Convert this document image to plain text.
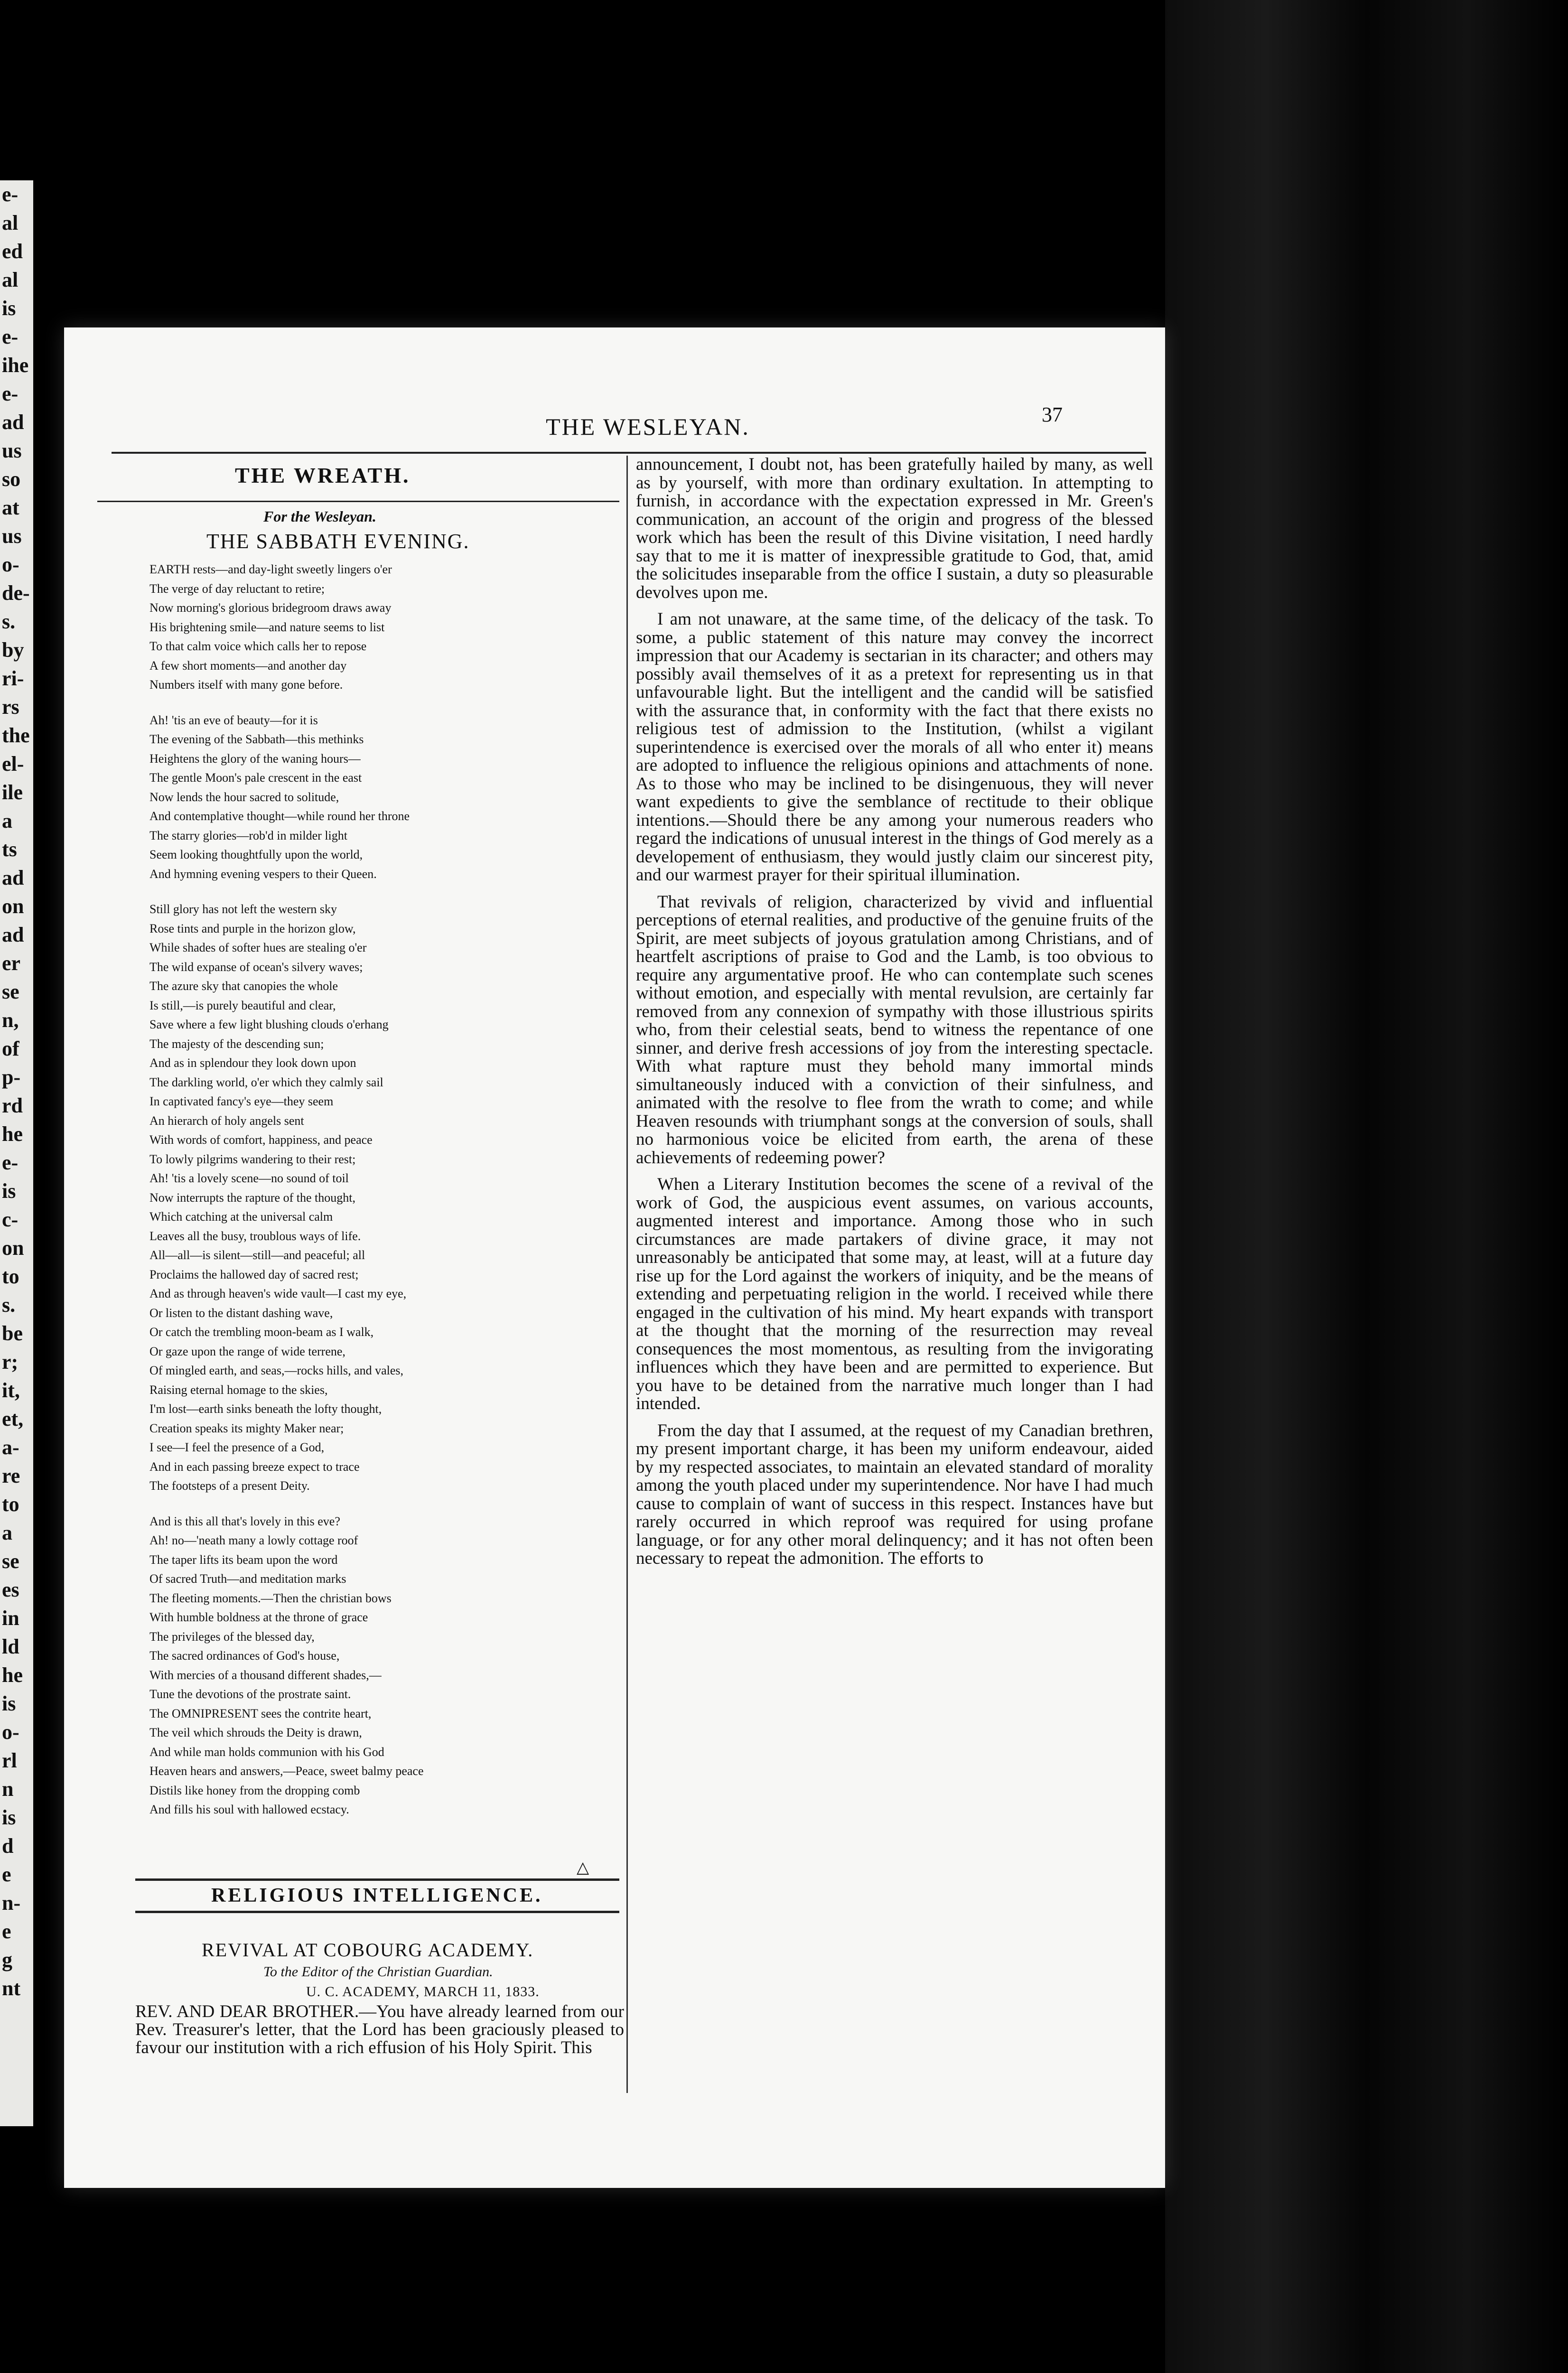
e-
al
ed
al
is
e-
ihe
e-
ad
us
so
at
us
o-
de-
s.
by
ri-
rs
the
el-
ile
a
ts
ad
on
ad
er
se
n,
of
p-
rd
he
e-
is
c-
on
to
s.
be
r;
it,
et,
a-
re
to
a
se
es
in
ld
he
is
o-
rl
n
is
d
e
n-
e
g
nt
THE WESLEYAN.	37
THE WREATH.
For the Wesleyan.
THE SABBATH EVENING.
EARTH rests—and day-light sweetly lingers o'er
The verge of day reluctant to retire;
Now morning's glorious bridegroom draws away
His brightening smile—and nature seems to list
To that calm voice which calls her to repose
A few short moments—and another day
Numbers itself with many gone before.
Ah! 'tis an eve of beauty—for it is
The evening of the Sabbath—this methinks
Heightens the glory of the waning hours—
The gentle Moon's pale crescent in the east
Now lends the hour sacred to solitude,
And contemplative thought—while round her throne
The starry glories—rob'd in milder light
Seem looking thoughtfully upon the world,
And hymning evening vespers to their Queen.
Still glory has not left the western sky
Rose tints and purple in the horizon glow,
While shades of softer hues are stealing o'er
The wild expanse of ocean's silvery waves;
The azure sky that canopies the whole
Is still,—is purely beautiful and clear,
Save where a few light blushing clouds o'erhang
The majesty of the descending sun;
And as in splendour they look down upon
The darkling world, o'er which they calmly sail
In captivated fancy's eye—they seem
An hierarch of holy angels sent
With words of comfort, happiness, and peace
To lowly pilgrims wandering to their rest;
Ah! 'tis a lovely scene—no sound of toil
Now interrupts the rapture of the thought,
Which catching at the universal calm
Leaves all the busy, troublous ways of life.
All—all—is silent—still—and peaceful; all
Proclaims the hallowed day of sacred rest;
And as through heaven's wide vault—I cast my eye,
Or listen to the distant dashing wave,
Or catch the trembling moon-beam as I walk,
Or gaze upon the range of wide terrene,
Of mingled earth, and seas,—rocks hills, and vales,
Raising eternal homage to the skies,
I'm lost—earth sinks beneath the lofty thought,
Creation speaks its mighty Maker near;
I see—I feel the presence of a God,
And in each passing breeze expect to trace
The footsteps of a present Deity.
And is this all that's lovely in this eve?
Ah! no—'neath many a lowly cottage roof
The taper lifts its beam upon the word
Of sacred Truth—and meditation marks
The fleeting moments.—Then the christian bows
With humble boldness at the throne of grace
The privileges of the blessed day,
The sacred ordinances of God's house,
With mercies of a thousand different shades,—
Tune the devotions of the prostrate saint.
The OMNIPRESENT sees the contrite heart,
The veil which shrouds the Deity is drawn,
And while man holds communion with his God
Heaven hears and answers,—Peace, sweet balmy peace
Distils like honey from the dropping comb
And fills his soul with hallowed ecstacy.
△
RELIGIOUS INTELLIGENCE.
REVIVAL AT COBOURG ACADEMY.
To the Editor of the Christian Guardian.
U. C. ACADEMY, MARCH 11, 1833.
REV. AND DEAR BROTHER.—You have already learned from our Rev. Treasurer's letter, that the Lord has been graciously pleased to favour our institution with a rich effusion of his Holy Spirit. This

announcement, I doubt not, has been gratefully hailed by many, as well as by yourself, with more than ordinary exultation. In attempting to furnish, in accordance with the expectation expressed in Mr. Green's communication, an account of the origin and progress of the blessed work which has been the result of this Divine visitation, I need hardly say that to me it is matter of inexpressible gratitude to God, that, amid the solicitudes inseparable from the office I sustain, a duty so pleasurable devolves upon me.

I am not unaware, at the same time, of the delicacy of the task. To some, a public statement of this nature may convey the incorrect impression that our Academy is sectarian in its character; and others may possibly avail themselves of it as a pretext for representing us in that unfavourable light. But the intelligent and the candid will be satisfied with the assurance that, in conformity with the fact that there exists no religious test of admission to the Institution, (whilst a vigilant superintendence is exercised over the morals of all who enter it) means are adopted to influence the religious opinions and attachments of none. As to those who may be inclined to be disingenuous, they will never want expedients to give the semblance of rectitude to their oblique intentions.—Should there be any among your numerous readers who regard the indications of unusual interest in the things of God merely as a developement of enthusiasm, they would justly claim our sincerest pity, and our warmest prayer for their spiritual illumination.

That revivals of religion, characterized by vivid and influential perceptions of eternal realities, and productive of the genuine fruits of the Spirit, are meet subjects of joyous gratulation among Christians, and of heartfelt ascriptions of praise to God and the Lamb, is too obvious to require any argumentative proof. He who can contemplate such scenes without emotion, and especially with mental revulsion, are certainly far removed from any connexion of sympathy with those illustrious spirits who, from their celestial seats, bend to witness the repentance of one sinner, and derive fresh accessions of joy from the interesting spectacle. With what rapture must they behold many immortal minds simultaneously induced with a conviction of their sinfulness, and animated with the resolve to flee from the wrath to come; and while Heaven resounds with triumphant songs at the conversion of souls, shall no harmonious voice be elicited from earth, the arena of these achievements of redeeming power?

When a Literary Institution becomes the scene of a revival of the work of God, the auspicious event assumes, on various accounts, augmented interest and importance. Among those who in such circumstances are made partakers of divine grace, it may not unreasonably be anticipated that some may, at least, will at a future day rise up for the Lord against the workers of iniquity, and be the means of extending and perpetuating religion in the world. I received while there engaged in the cultivation of his mind. My heart expands with transport at the thought that the morning of the resurrection may reveal consequences the most momentous, as resulting from the invigorating influences which they have been and are permitted to experience. But you have to be detained from the narrative much longer than I had intended.

From the day that I assumed, at the request of my Canadian brethren, my present important charge, it has been my uniform endeavour, aided by my respected associates, to maintain an elevated standard of morality among the youth placed under my superintendence. Nor have I had much cause to complain of want of success in this respect. Instances have but rarely occurred in which reproof was required for using profane language, or for any other moral delinquency; and it has not often been necessary to repeat the admonition. The efforts to
